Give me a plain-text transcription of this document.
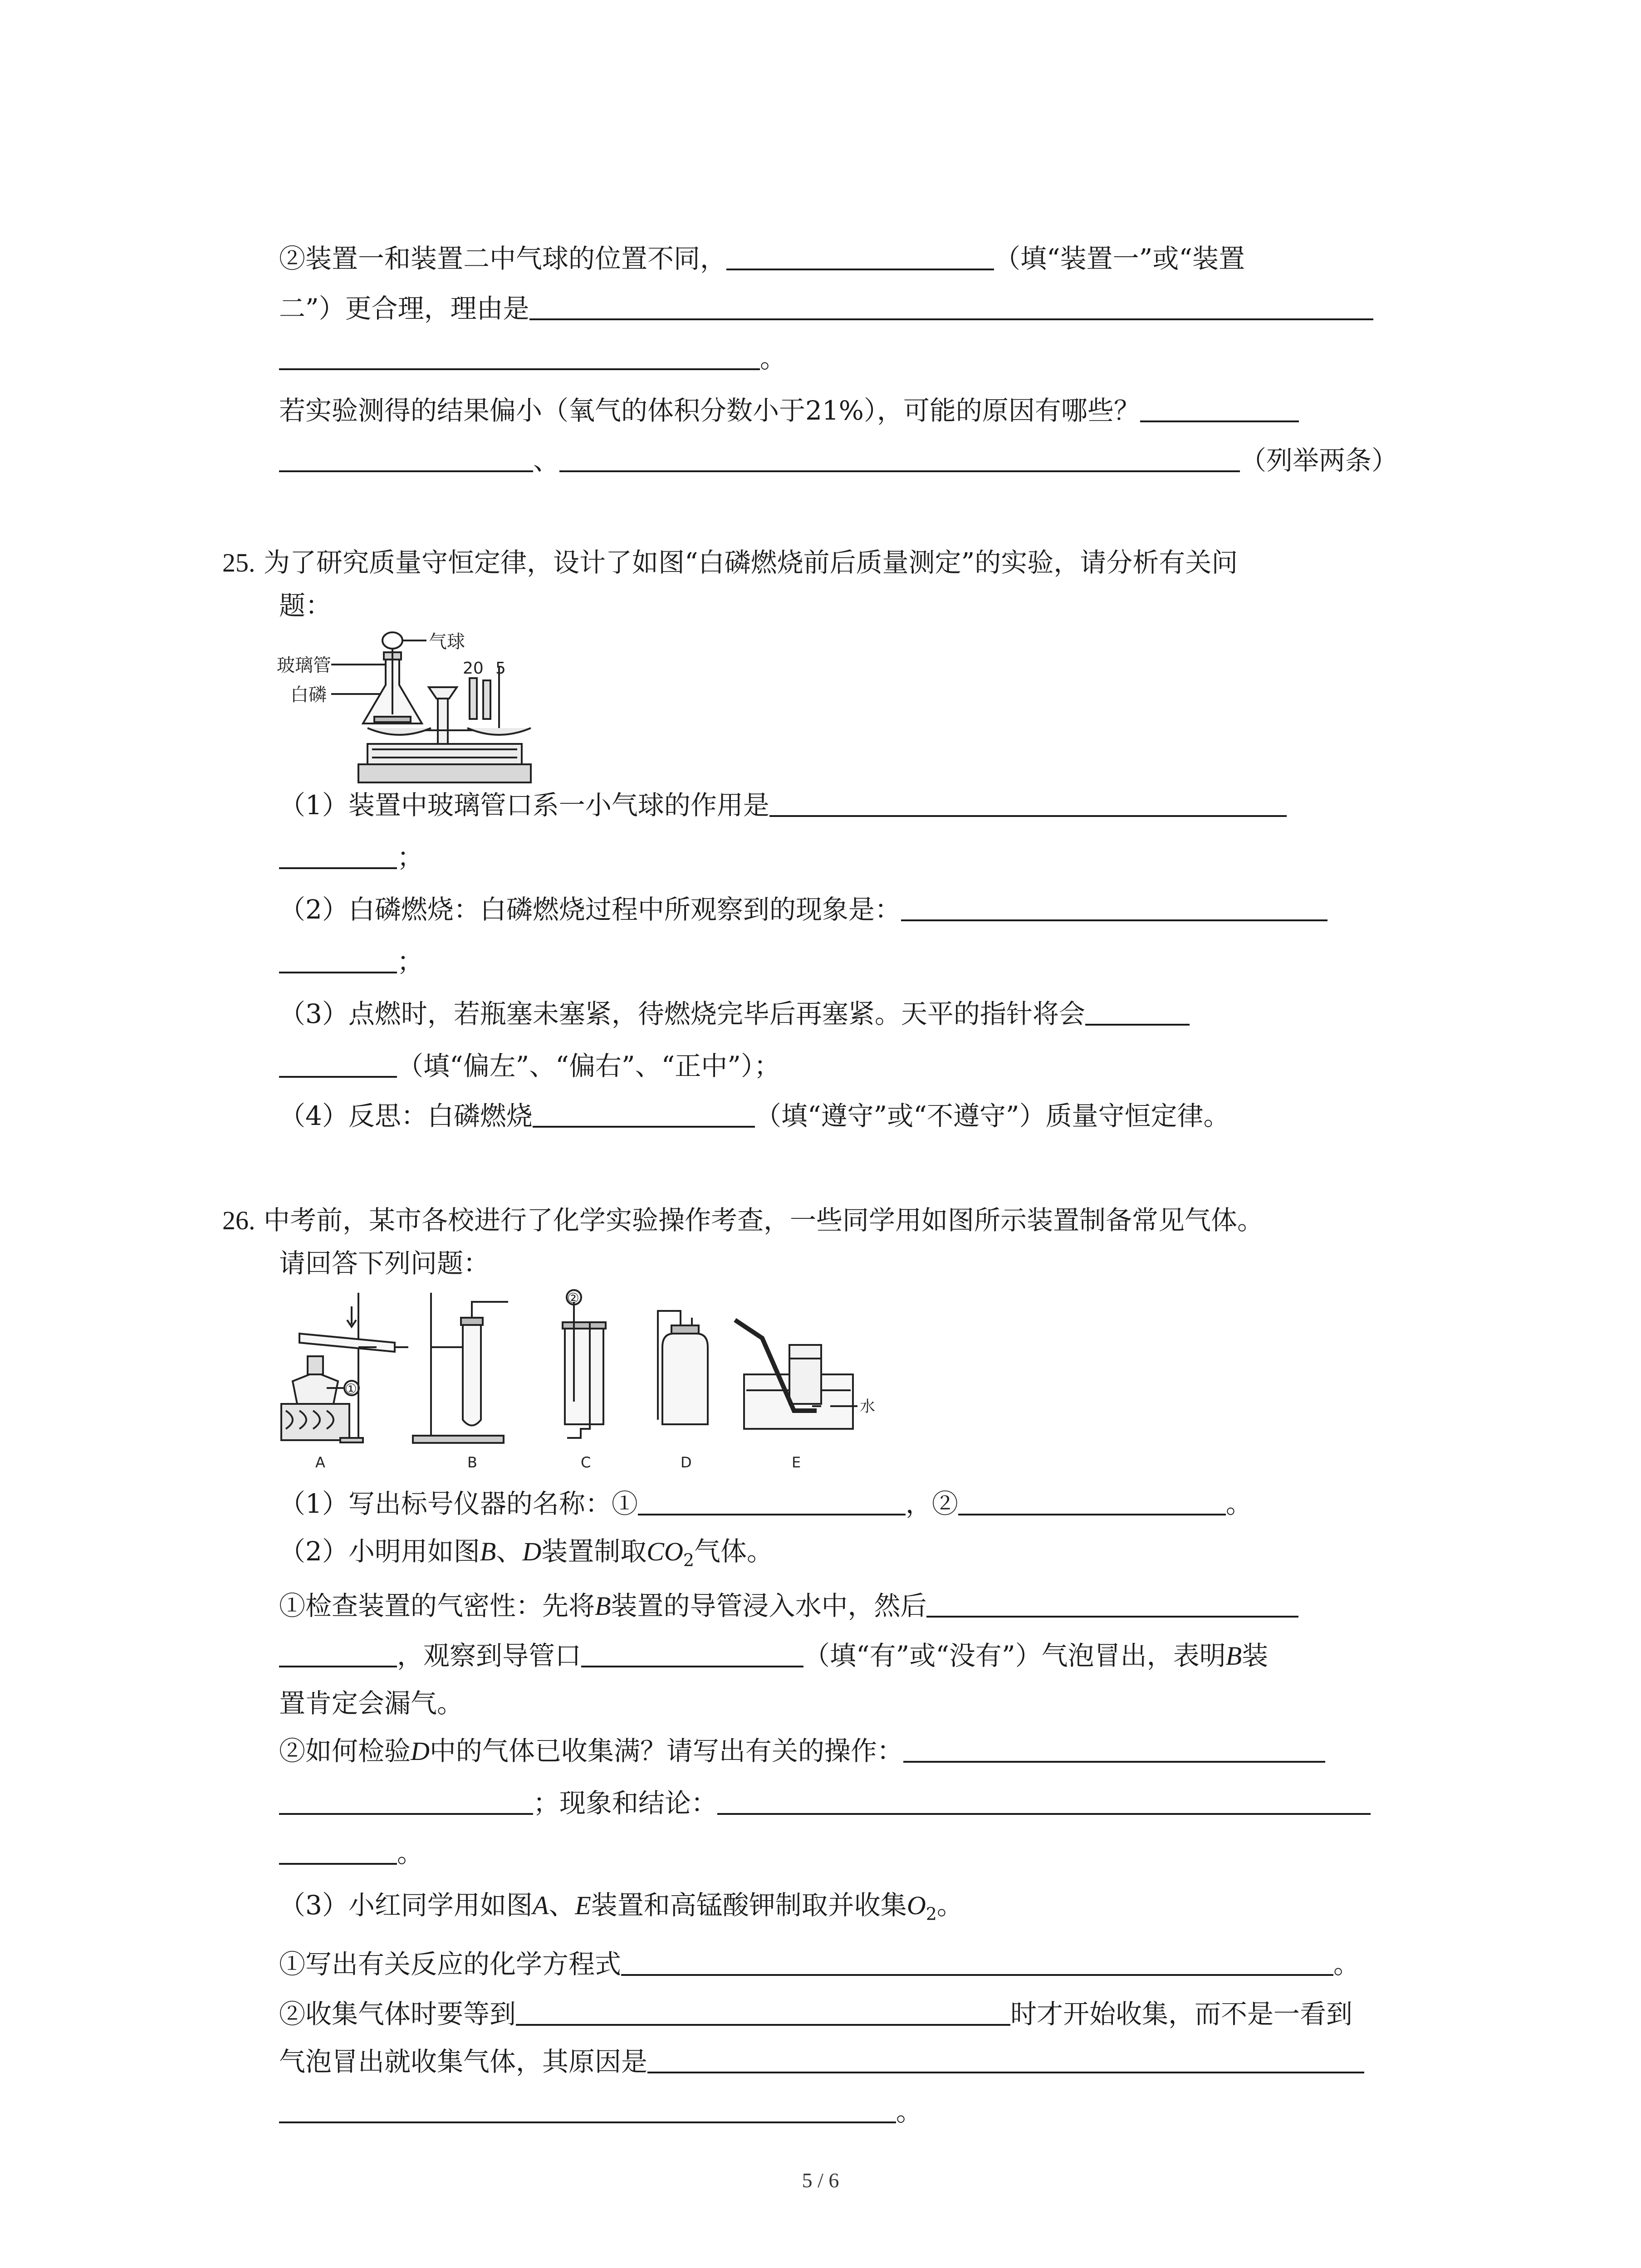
②装置一和装置二中气球的位置不同，	（填“装置一”或“装置
二”）更合理，理由是
。
若实验测得的结果偏小（氧气的体积分数小于21%），可能的原因有哪些？
、	（列举两条）
25. 为了研究质量守恒定律，设计了如图“白磷燃烧前后质量测定”的实验，请分析有关问
题：
气球
玻璃管
白磷
20 5
（1）装置中玻璃管口系一小气球的作用是
；
（2）白磷燃烧：白磷燃烧过程中所观察到的现象是：
；
（3）点燃时，若瓶塞未塞紧，待燃烧完毕后再塞紧。天平的指针将会
（填“偏左”、“偏右”、“正中”）；
（4）反思：白磷燃烧	（填“遵守”或“不遵守”）质量守恒定律。
26. 中考前，某市各校进行了化学实验操作考查，一些同学用如图所示装置制备常见气体。
请回答下列问题：
①
②
水
A	B	C	D	E
（1）写出标号仪器的名称：①	，②	。
（2）小明用如图B、D装置制取$CO_2$气体。
①检查装置的气密性：先将B装置的导管浸入水中，然后
，观察到导管口	（填“有”或“没有”）气泡冒出，表明B装
置肯定会漏气。
②如何检验D中的气体已收集满？请写出有关的操作：
；现象和结论：
。
（3）小红同学用如图A、E装置和高锰酸钾制取并收集$O_2$。
①写出有关反应的化学方程式	。
②收集气体时要等到	时才开始收集，而不是一看到
气泡冒出就收集气体，其原因是
。
5 / 6
